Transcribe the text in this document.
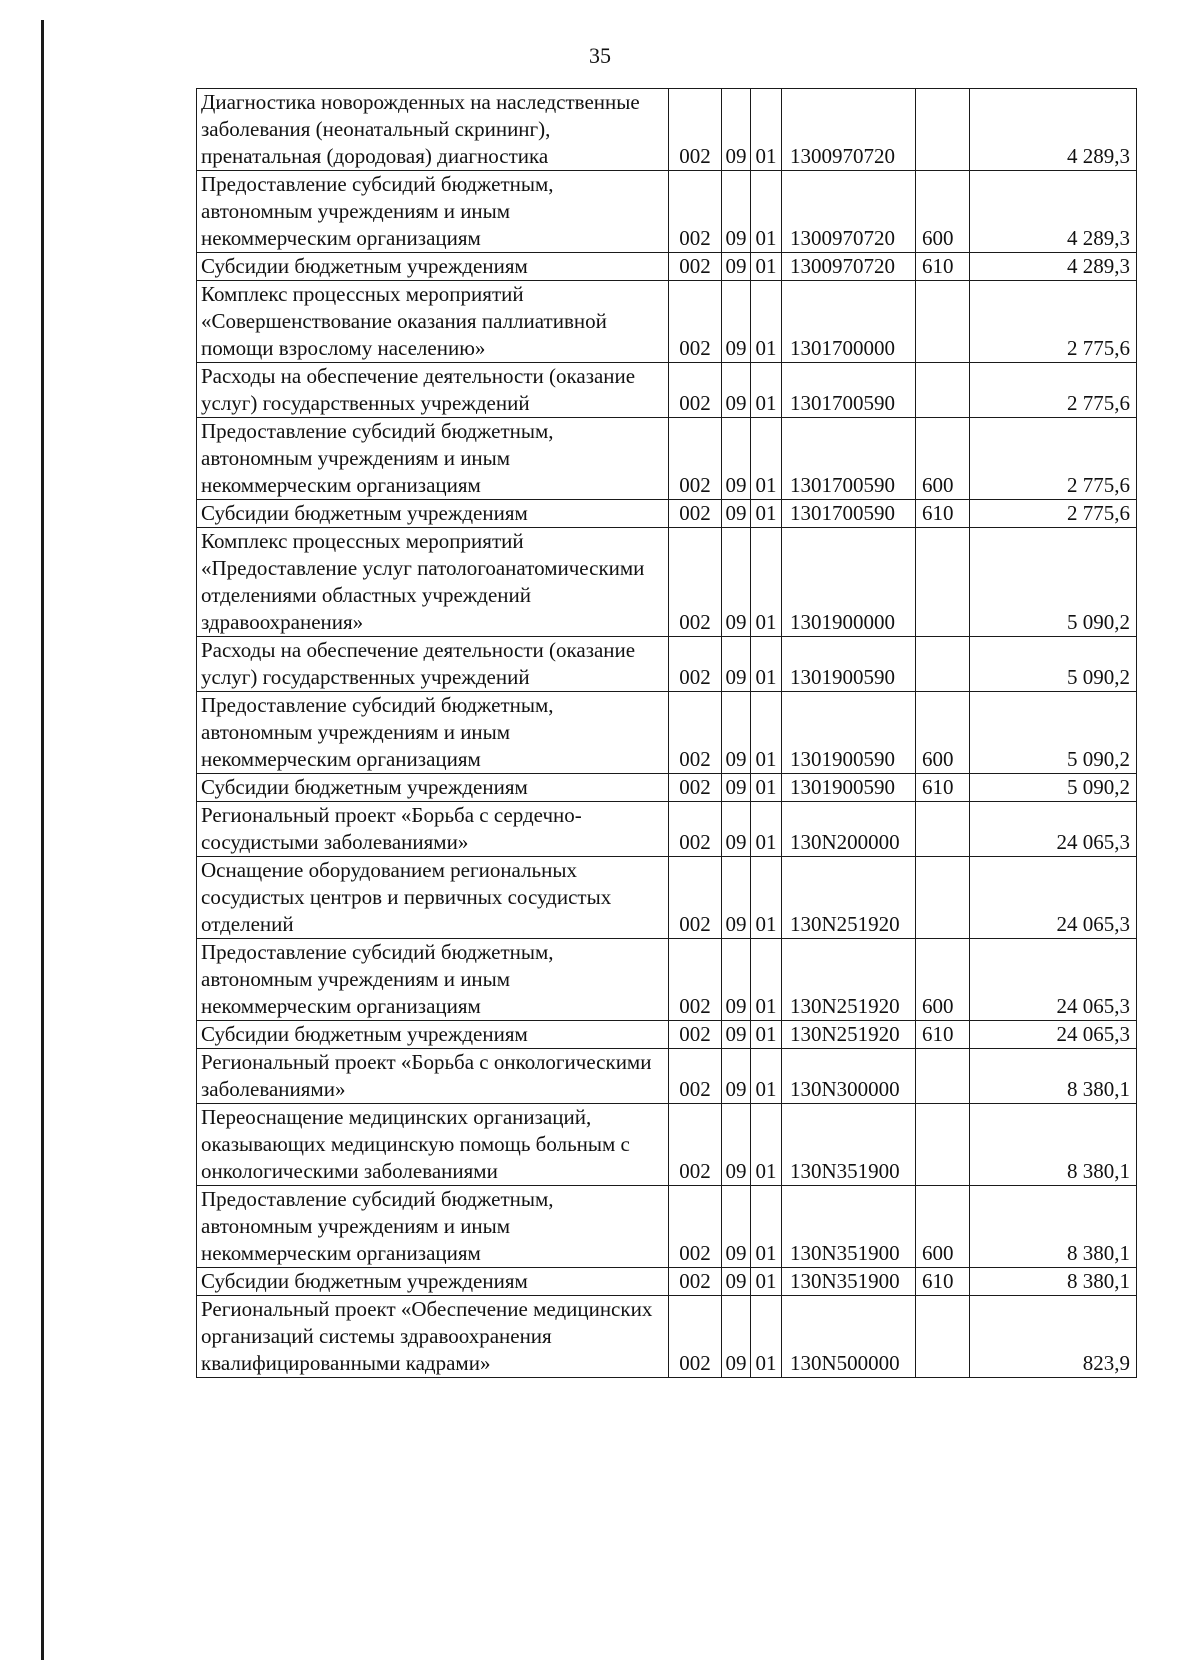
35
Диагностика новорожденных на наследственные заболевания (неонатальный скрининг), пренатальная (дородовая) диагностика	002	09	01	1300970720		4 289,3
Предоставление субсидий бюджетным, автономным учреждениям и иным некоммерческим организациям	002	09	01	1300970720	600	4 289,3
Субсидии бюджетным учреждениям	002	09	01	1300970720	610	4 289,3
Комплекс процессных мероприятий «Совершенствование оказания паллиативной помощи взрослому населению»	002	09	01	1301700000		2 775,6
Расходы на обеспечение деятельности (оказание услуг) государственных учреждений	002	09	01	1301700590		2 775,6
Предоставление субсидий бюджетным, автономным учреждениям и иным некоммерческим организациям	002	09	01	1301700590	600	2 775,6
Субсидии бюджетным учреждениям	002	09	01	1301700590	610	2 775,6
Комплекс процессных мероприятий «Предоставление услуг патологоанатомическими отделениями областных учреждений здравоохранения»	002	09	01	1301900000		5 090,2
Расходы на обеспечение деятельности (оказание услуг) государственных учреждений	002	09	01	1301900590		5 090,2
Предоставление субсидий бюджетным, автономным учреждениям и иным некоммерческим организациям	002	09	01	1301900590	600	5 090,2
Субсидии бюджетным учреждениям	002	09	01	1301900590	610	5 090,2
Региональный проект «Борьба с сердечно-сосудистыми заболеваниями»	002	09	01	130N200000		24 065,3
Оснащение оборудованием региональных сосудистых центров и первичных сосудистых отделений	002	09	01	130N251920		24 065,3
Предоставление субсидий бюджетным, автономным учреждениям и иным некоммерческим организациям	002	09	01	130N251920	600	24 065,3
Субсидии бюджетным учреждениям	002	09	01	130N251920	610	24 065,3
Региональный проект «Борьба с онкологическими заболеваниями»	002	09	01	130N300000		8 380,1
Переоснащение медицинских организаций, оказывающих медицинскую помощь больным с онкологическими заболеваниями	002	09	01	130N351900		8 380,1
Предоставление субсидий бюджетным, автономным учреждениям и иным некоммерческим организациям	002	09	01	130N351900	600	8 380,1
Субсидии бюджетным учреждениям	002	09	01	130N351900	610	8 380,1
Региональный проект «Обеспечение медицинских организаций системы здравоохранения квалифицированными кадрами»	002	09	01	130N500000		823,9
